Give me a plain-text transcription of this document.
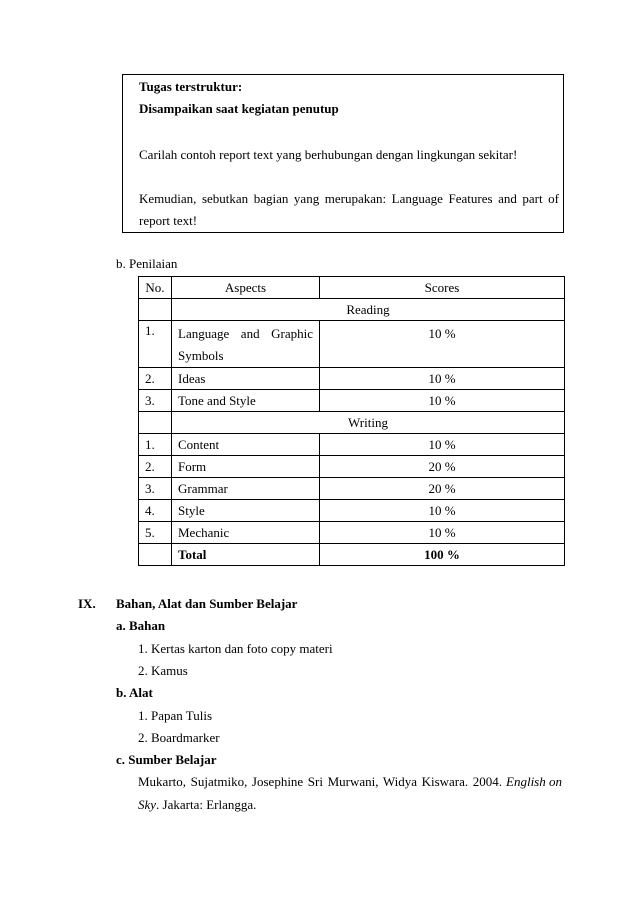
Tugas terstruktur:
Disampaikan saat kegiatan penutup
Carilah contoh report text yang berhubungan dengan lingkungan sekitar!
Kemudian, sebutkan bagian yang merupakan: Language Features and part of
report text!
b. Penilaian
No.	Aspects	Scores
	Reading	
1.	Language and Graphic
Symbols	10 %
2.	Ideas	10 %
3.	Tone and Style	10 %
	Writing	
1.	Content	10 %
2.	Form	20 %
3.	Grammar	20 %
4.	Style	10 %
5.	Mechanic	10 %
	Total	100 %
IX. Bahan, Alat dan Sumber Belajar
a. Bahan
1. Kertas karton dan foto copy materi
2. Kamus
b. Alat
1. Papan Tulis
2. Boardmarker
c. Sumber Belajar
Mukarto, Sujatmiko, Josephine Sri Murwani, Widya Kiswara. 2004. English on
Sky. Jakarta: Erlangga.
